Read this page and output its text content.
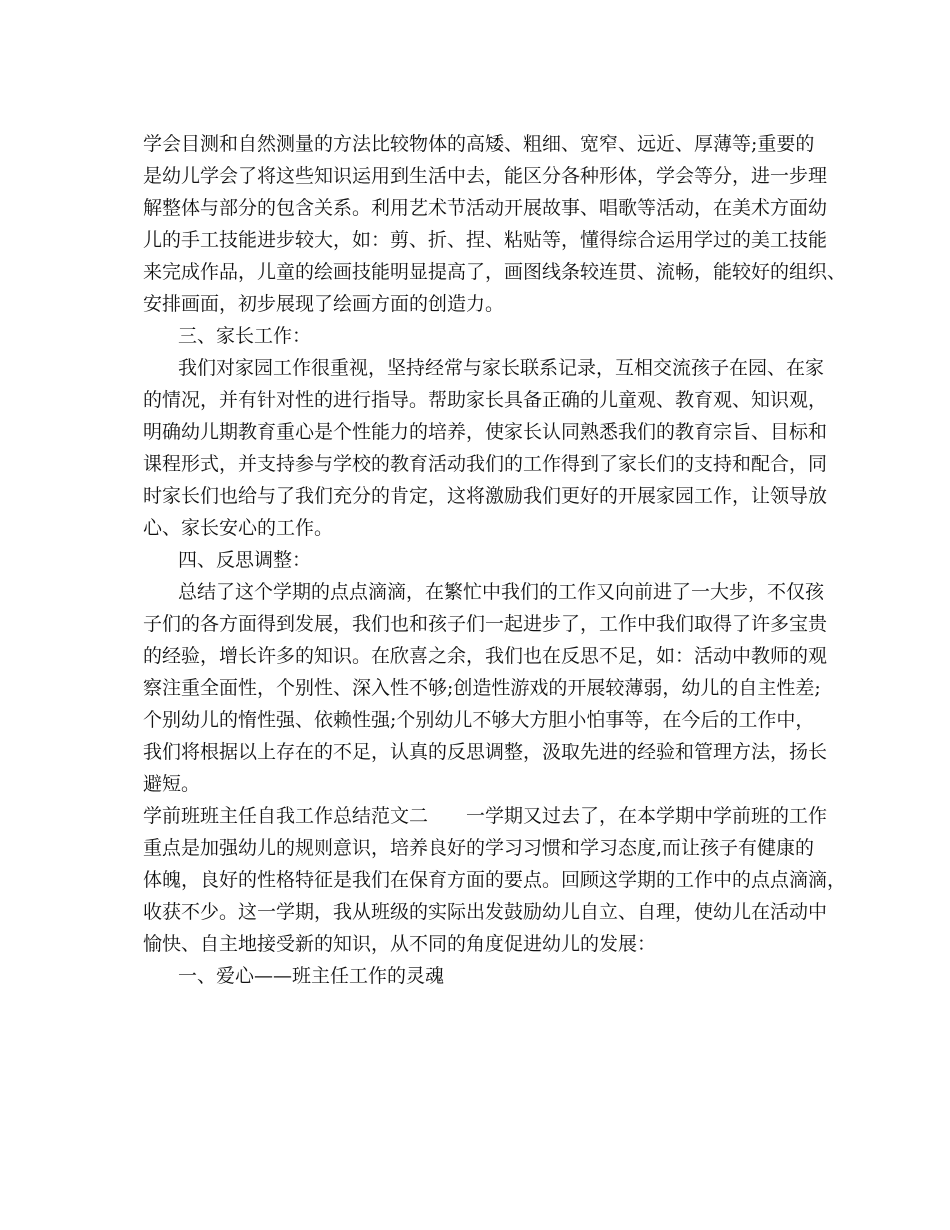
学会目测和自然测量的方法比较物体的高矮、粗细、宽窄、远近、厚薄等;重要的
是幼儿学会了将这些知识运用到生活中去，能区分各种形体，学会等分，进一步理
解整体与部分的包含关系。利用艺术节活动开展故事、唱歌等活动，在美术方面幼
儿的手工技能进步较大，如：剪、折、捏、粘贴等，懂得综合运用学过的美工技能
来完成作品，儿童的绘画技能明显提高了，画图线条较连贯、流畅，能较好的组织、
安排画面，初步展现了绘画方面的创造力。
三、家长工作：
我们对家园工作很重视，坚持经常与家长联系记录，互相交流孩子在园、在家
的情况，并有针对性的进行指导。帮助家长具备正确的儿童观、教育观、知识观，
明确幼儿期教育重心是个性能力的培养，使家长认同熟悉我们的教育宗旨、目标和
课程形式，并支持参与学校的教育活动我们的工作得到了家长们的支持和配合，同
时家长们也给与了我们充分的肯定，这将激励我们更好的开展家园工作，让领导放
心、家长安心的工作。
四、反思调整：
总结了这个学期的点点滴滴，在繁忙中我们的工作又向前进了一大步，不仅孩
子们的各方面得到发展，我们也和孩子们一起进步了，工作中我们取得了许多宝贵
的经验，增长许多的知识。在欣喜之余，我们也在反思不足，如：活动中教师的观
察注重全面性，个别性、深入性不够;创造性游戏的开展较薄弱，幼儿的自主性差;
个别幼儿的惰性强、依赖性强;个别幼儿不够大方胆小怕事等，在今后的工作中，
我们将根据以上存在的不足，认真的反思调整，汲取先进的经验和管理方法，扬长
避短。
学前班班主任自我工作总结范文二 一学期又过去了，在本学期中学前班的工作
重点是加强幼儿的规则意识，培养良好的学习习惯和学习态度,而让孩子有健康的
体魄，良好的性格特征是我们在保育方面的要点。回顾这学期的工作中的点点滴滴，
收获不少。这一学期，我从班级的实际出发鼓励幼儿自立、自理，使幼儿在活动中
愉快、自主地接受新的知识，从不同的角度促进幼儿的发展：
一、爱心——班主任工作的灵魂
